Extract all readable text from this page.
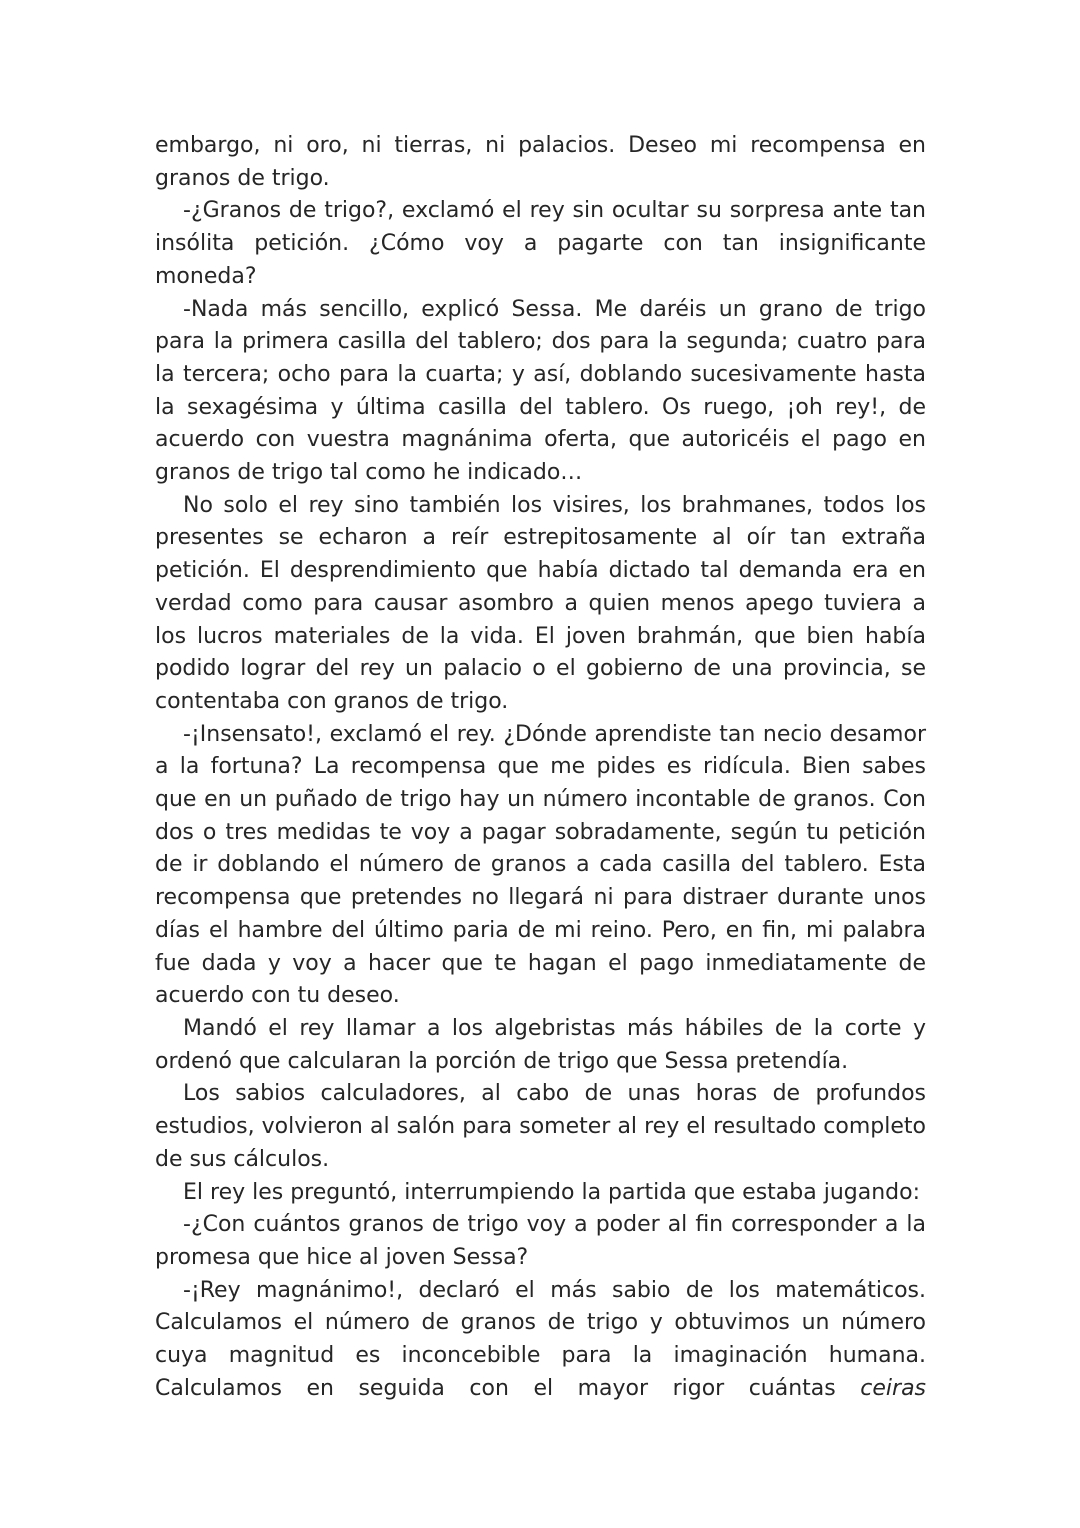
embargo, ni oro, ni tierras, ni palacios. Deseo mi recompensa en granos de trigo.

-¿Granos de trigo?, exclamó el rey sin ocultar su sorpresa ante tan insólita petición. ¿Cómo voy a pagarte con tan insignificante moneda?

-Nada más sencillo, explicó Sessa. Me daréis un grano de trigo para la primera casilla del tablero; dos para la segunda; cuatro para la tercera; ocho para la cuarta; y así, doblando sucesivamente hasta la sexagésima y última casilla del tablero. Os ruego, ¡oh rey!, de acuerdo con vuestra magnánima oferta, que autoricéis el pago en granos de trigo tal como he indicado…

No solo el rey sino también los visires, los brahmanes, todos los presentes se echaron a reír estrepitosamente al oír tan extraña petición. El desprendimiento que había dictado tal demanda era en verdad como para causar asombro a quien menos apego tuviera a los lucros materiales de la vida. El joven brahmán, que bien había podido lograr del rey un palacio o el gobierno de una provincia, se contentaba con granos de trigo.

-¡Insensato!, exclamó el rey. ¿Dónde aprendiste tan necio desamor a la fortuna? La recompensa que me pides es ridícula. Bien sabes que en un puñado de trigo hay un número incontable de granos. Con dos o tres medidas te voy a pagar sobradamente, según tu petición de ir doblando el número de granos a cada casilla del tablero. Esta recompensa que pretendes no llegará ni para distraer durante unos días el hambre del último paria de mi reino. Pero, en fin, mi palabra fue dada y voy a hacer que te hagan el pago inmediatamente de acuerdo con tu deseo.

Mandó el rey llamar a los algebristas más hábiles de la corte y ordenó que calcularan la porción de trigo que Sessa pretendía.

Los sabios calculadores, al cabo de unas horas de profundos estudios, volvieron al salón para someter al rey el resultado completo de sus cálculos.

El rey les preguntó, interrumpiendo la partida que estaba jugando:

-¿Con cuántos granos de trigo voy a poder al fin corresponder a la promesa que hice al joven Sessa?

-¡Rey magnánimo!, declaró el más sabio de los matemáticos. Calculamos el número de granos de trigo y obtuvimos un número cuya magnitud es inconcebible para la imaginación humana. Calculamos en seguida con el mayor rigor cuántas ceiras
